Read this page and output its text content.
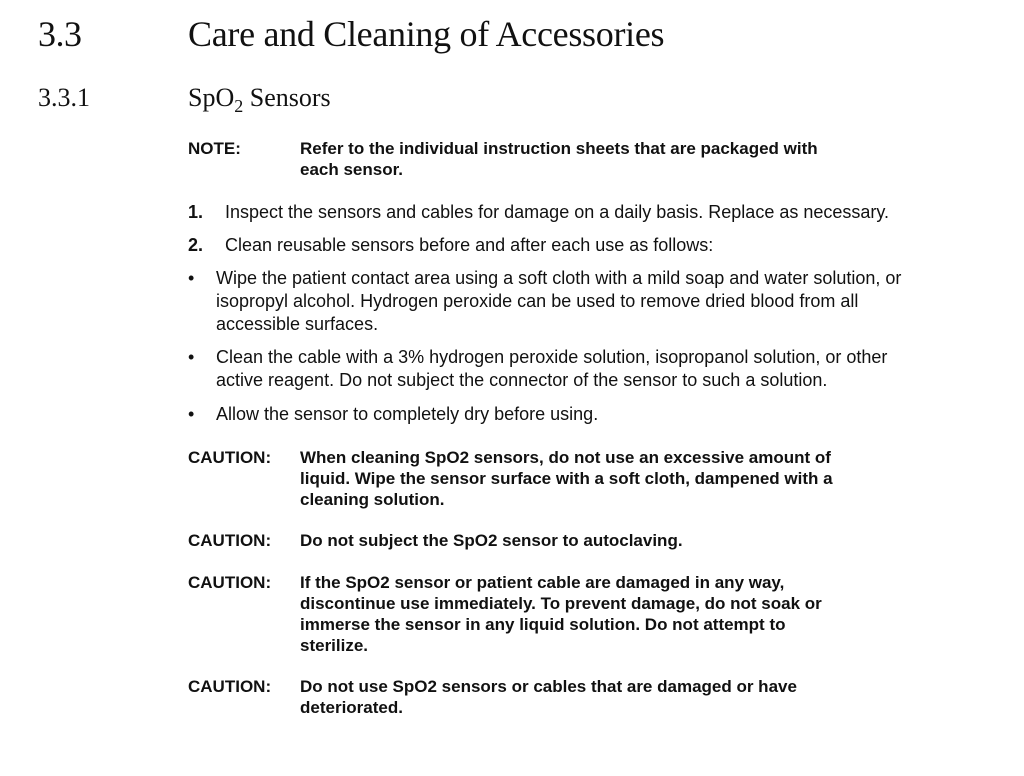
3.3	Care and Cleaning of Accessories
3.3.1	SpO$_2$ Sensors
NOTE:	Refer to the individual instruction sheets that are packaged with each sensor.
1. Inspect the sensors and cables for damage on a daily basis. Replace as necessary.
2. Clean reusable sensors before and after each use as follows:
• Wipe the patient contact area using a soft cloth with a mild soap and water solution, or isopropyl alcohol. Hydrogen peroxide can be used to remove dried blood from all accessible surfaces.
• Clean the cable with a 3% hydrogen peroxide solution, isopropanol solution, or other active reagent. Do not subject the connector of the sensor to such a solution.
• Allow the sensor to completely dry before using.
CAUTION:	When cleaning SpO2 sensors, do not use an excessive amount of liquid. Wipe the sensor surface with a soft cloth, dampened with a cleaning solution.
CAUTION:	Do not subject the SpO2 sensor to autoclaving.
CAUTION:	If the SpO2 sensor or patient cable are damaged in any way, discontinue use immediately. To prevent damage, do not soak or immerse the sensor in any liquid solution. Do not attempt to sterilize.
CAUTION:	Do not use SpO2 sensors or cables that are damaged or have deteriorated.
